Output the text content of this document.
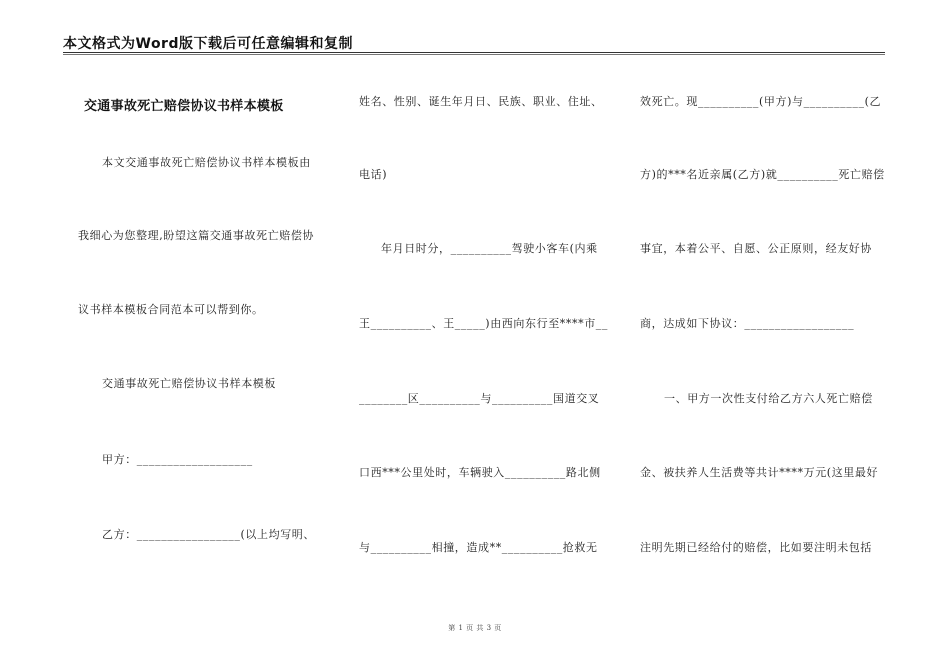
本文格式为Word版下载后可任意编辑和复制
交通事故死亡赔偿协议书样本模板
本文交通事故死亡赔偿协议书样本模板由
我细心为您整理,盼望这篇交通事故死亡赔偿协
议书样本模板合同范本可以帮到你。
交通事故死亡赔偿协议书样本模板
甲方：___________________
乙方：_________________(以上均写明、
姓名、性别、诞生年月日、民族、职业、住址、
电话)
年月日时分，__________驾驶小客车(内乘
王__________、王_____)由西向东行至****市__
________区__________与__________国道交叉
口西***公里处时，车辆驶入__________路北侧
与__________相撞，造成**__________抢救无
效死亡。现__________(甲方)与__________(乙
方)的***名近亲属(乙方)就__________死亡赔偿
事宜，本着公平、自愿、公正原则，经友好协
商，达成如下协议：__________________
一、甲方一次性支付给乙方六人死亡赔偿
金、被扶养人生活费等共计****万元(这里最好
注明先期已经给付的赔偿，比如要注明未包括
第 1 页 共 3 页
